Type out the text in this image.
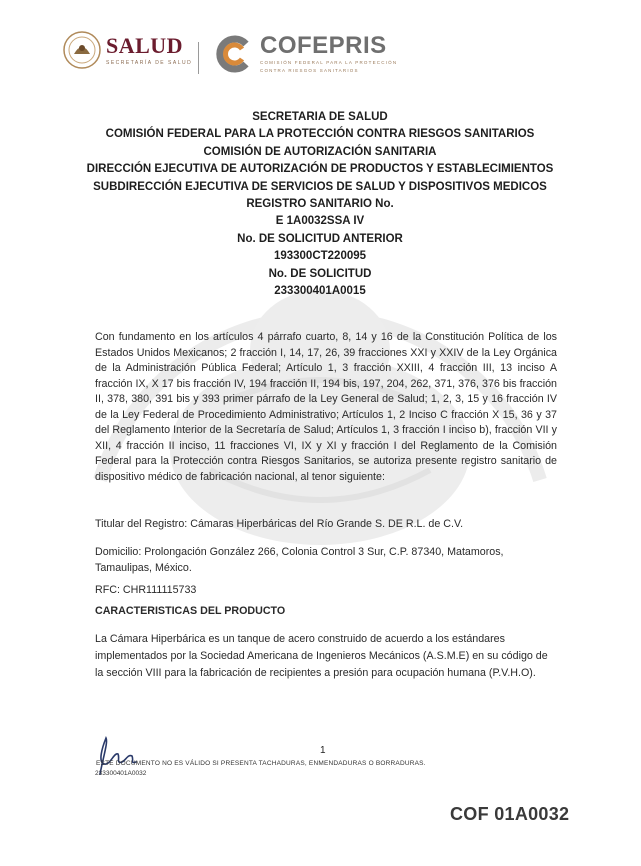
SALUD
SECRETARÍA DE SALUD
COFEPRIS
COMISIÓN FEDERAL PARA LA PROTECCIÓN
CONTRA RIESGOS SANITARIOS
SECRETARIA DE SALUD
COMISIÓN FEDERAL PARA LA PROTECCIÓN CONTRA RIESGOS SANITARIOS
COMISIÓN DE AUTORIZACIÓN SANITARIA
DIRECCIÓN EJECUTIVA DE AUTORIZACIÓN DE PRODUCTOS Y ESTABLECIMIENTOS
SUBDIRECCIÓN EJECUTIVA DE SERVICIOS DE SALUD Y DISPOSITIVOS MEDICOS
REGISTRO SANITARIO No.
E 1A0032SSA IV
No. DE SOLICITUD ANTERIOR
193300CT220095
No. DE SOLICITUD
233300401A0015
Con fundamento en los artículos 4 párrafo cuarto, 8, 14 y 16 de la Constitución Política de los Estados Unidos Mexicanos; 2 fracción I, 14, 17, 26, 39 fracciones XXI y XXIV de la Ley Orgánica de la Administración Pública Federal; Artículo 1, 3 fracción XXIII, 4 fracción III, 13 inciso A fracción IX, X 17 bis fracción IV, 194 fracción II, 194 bis, 197, 204, 262, 371, 376, 376 bis fracción II, 378, 380, 391 bis y 393 primer párrafo de la Ley General de Salud; 1, 2, 3, 15 y 16 fracción IV de la Ley Federal de Procedimiento Administrativo; Artículos 1, 2 Inciso C fracción X 15, 36 y 37 del Reglamento Interior de la Secretaría de Salud; Artículos 1, 3 fracción I inciso b), fracción VII y XII, 4 fracción II inciso, 11 fracciones VI, IX y XI y fracción I del Reglamento de la Comisión Federal para la Protección contra Riesgos Sanitarios, se autoriza presente registro sanitario de dispositivo médico de fabricación nacional, al tenor siguiente:
Titular del Registro: Cámaras Hiperbáricas del Río Grande S. DE R.L. de C.V.
Domicilio: Prolongación González 266, Colonia Control 3 Sur, C.P. 87340, Matamoros, Tamaulipas, México.
RFC: CHR111115733
CARACTERISTICAS DEL PRODUCTO
La Cámara Hiperbárica es un tanque de acero construido de acuerdo a los estándares implementados por la Sociedad Americana de Ingenieros Mecánicos (A.S.M.E) en su código de la sección VIII para la fabricación de recipientes a presión para ocupación humana (P.V.H.O).
1
ESTE DOCUMENTO NO ES VÁLIDO SI PRESENTA TACHADURAS, ENMENDADURAS O BORRADURAS.
233300401A0032
COF 01A0032
